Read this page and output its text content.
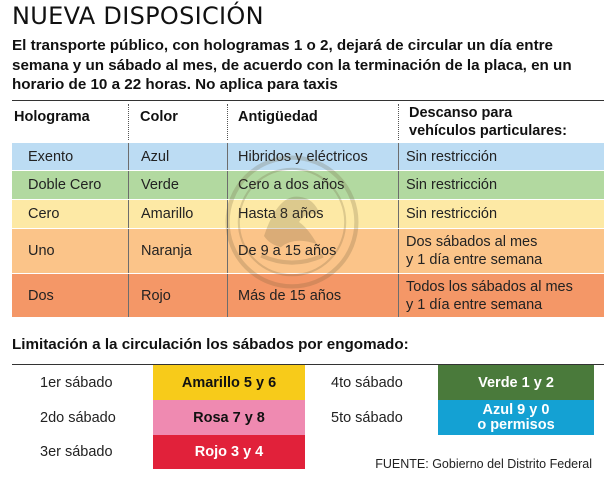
NUEVA DISPOSICIÓN
El transporte público, con hologramas 1 o 2, dejará de circular un día entre semana y un sábado al mes, de acuerdo con la terminación de la placa, en un horario de 10 a 22 horas. No aplica para taxis
Holograma	Color	Antigüedad	Descanso para
vehículos particulares:
Exento	Azul	Hibridos y eléctricos	Sin restricción
Doble Cero	Verde	Cero a dos años	Sin restricción
Cero	Amarillo	Hasta 8 años	Sin restricción
Uno	Naranja	De 9 a 15 años
Dos sábados al mes
y 1 día entre semana
Dos	Rojo	Más de 15 años
Todos los sábados al mes
y 1 día entre semana
Limitación a la circulación los sábados por engomado:
1er sábado	Amarillo 5 y 6
2do sábado	Rosa 7 y 8
3er sábado	Rojo 3 y 4
4to sábado	Verde 1 y 2
5to sábado	Azul 9 y 0
o permisos
FUENTE: Gobierno del Distrito Federal
